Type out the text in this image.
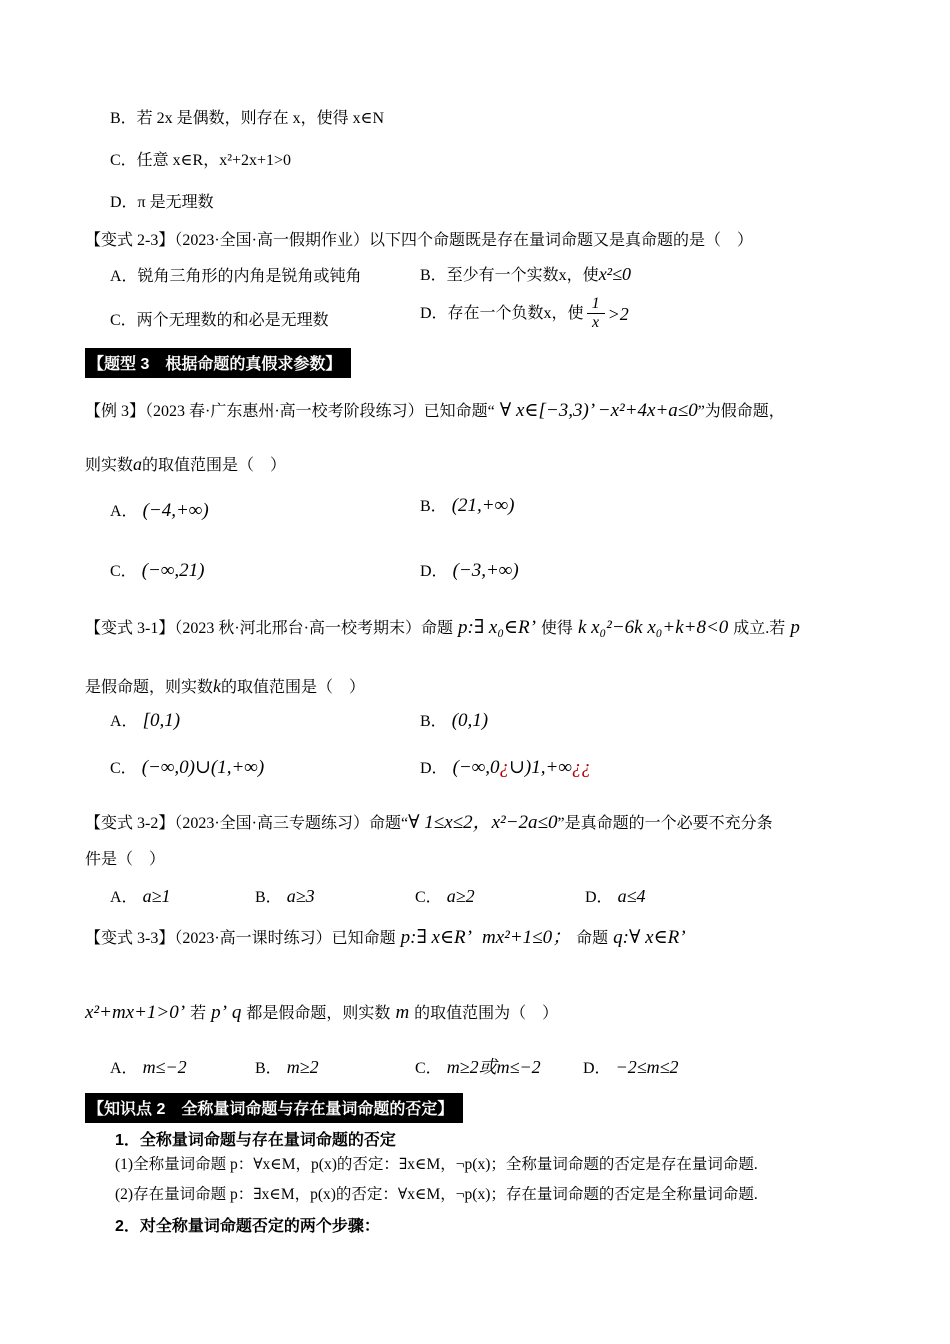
B．若 2x 是偶数，则存在 x，使得 x∈N
C．任意 x∈R，x²+2x+1>0
D．π 是无理数
【变式 2-3】（2023·全国·高一假期作业）以下四个命题既是存在量词命题又是真命题的是（　）
A．锐角三角形的内角是锐角或钝角	B．至少有一个实数x，使x²≤0
C．两个无理数的和必是无理数	D．存在一个负数x，使 $\frac{1}{x} >2$
【题型 3　根据命题的真假求参数】
【例 3】（2023 春·广东惠州·高一校考阶段练习）已知命题“ ∀ x∈[−3,3)’ −x²+4x+a≤0”为假命题，
则实数a的取值范围是（　）
A． (−4,+∞)	B． (21,+∞)
C． (−∞,21)	D． (−3,+∞)
【变式 3-1】（2023 秋·河北邢台·高一校考期末）命题 p:∃ x₀∈R’ 使得 k x₀²−6k x₀+k+8<0 成立.若 p
是假命题，则实数k的取值范围是（　）
A． [0,1)	B． (0,1)
C． (−∞,0)∪(1,+∞)	D． (−∞,0¿∪)1,+∞¿¿
【变式 3-2】（2023·全国·高三专题练习）命题“∀ 1≤x≤2，x²−2a≤0”是真命题的一个必要不充分条
件是（　）
A． a≥1	B． a≥3	C． a≥2	D． a≤4
【变式 3-3】（2023·高一课时练习）已知命题 p:∃ x∈R’ mx²+1≤0； 命题 q:∀ x∈R’
x²+mx+1>0’ 若 p’ q 都是假命题，则实数 m 的取值范围为（　）
A． m≤−2	B． m≥2	C． m≥2或m≤−2	D． −2≤m≤2
【知识点 2　全称量词命题与存在量词命题的否定】
1．全称量词命题与存在量词命题的否定
(1)全称量词命题 p：∀x∈M，p(x)的否定：∃x∈M，¬p(x)；全称量词命题的否定是存在量词命题.
(2)存在量词命题 p：∃x∈M，p(x)的否定：∀x∈M，¬p(x)；存在量词命题的否定是全称量词命题.
2．对全称量词命题否定的两个步骤：
